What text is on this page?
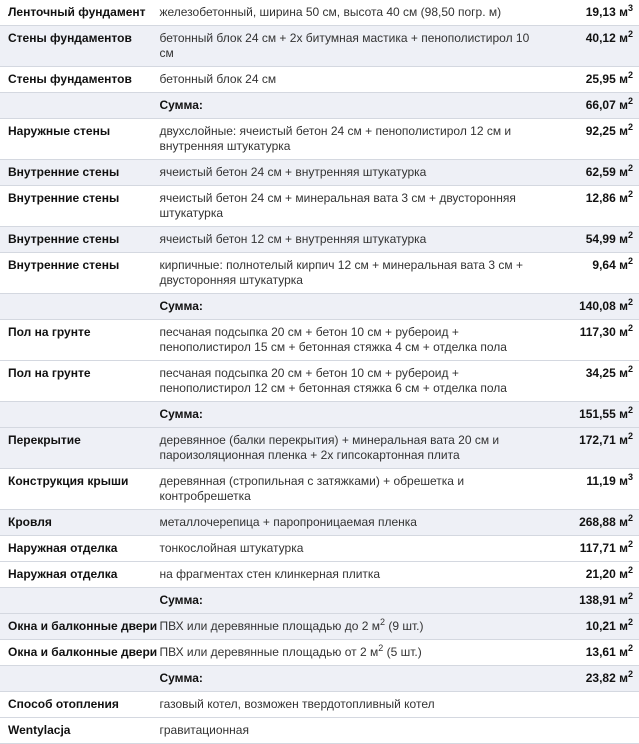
Ленточный фундамент	железобетонный, ширина 50 см, высота 40 см (98,50 погр. м)	19,13 $м^3$
Стены фундаментов	бетонный блок 24 см + 2х битумная мастика + пенополистирол 10 см	40,12 $м^2$
Стены фундаментов	бетонный блок 24 см	25,95 $м^2$
	Сумма:	66,07 $м^2$
Наружные стены	двухслойные: ячеистый бетон 24 см + пенополистирол 12 см и внутренняя штукатурка	92,25 $м^2$
Внутренние стены	ячеистый бетон 24 см + внутренняя штукатурка	62,59 $м^2$
Внутренние стены	ячеистый бетон 24 см + минеральная вата 3 см + двусторонняя штукатурка	12,86 $м^2$
Внутренние стены	ячеистый бетон 12 см + внутренняя штукатурка	54,99 $м^2$
Внутренние стены	кирпичные: полнотелый кирпич 12 см + минеральная вата 3 см + двусторонняя штукатурка	9,64 $м^2$
	Сумма:	140,08 $м^2$
Пол на грунте	песчаная подсыпка 20 см + бетон 10 см + рубероид + пенополистирол 15 см + бетонная стяжка 4 см + отделка пола	117,30 $м^2$
Пол на грунте	песчаная подсыпка 20 см + бетон 10 см + рубероид + пенополистирол 12 см + бетонная стяжка 6 см + отделка пола	34,25 $м^2$
	Сумма:	151,55 $м^2$
Перекрытие	деревянное (балки перекрытия) + минеральная вата 20 см и пароизоляционная пленка + 2х гипсокартонная плита	172,71 $м^2$
Конструкция крыши	деревянная (стропильная с затяжками) + обрешетка и контробрешетка	11,19 $м^3$
Кровля	металлочерепица + паропроницаемая пленка	268,88 $м^2$
Наружная отделка	тонкослойная штукатурка	117,71 $м^2$
Наружная отделка	на фрагментах стен клинкерная плитка	21,20 $м^2$
	Сумма:	138,91 $м^2$
Окна и балконные двери	ПВХ или деревянные площадью до 2 $м^2$ (9 шт.)	10,21 $м^2$
Окна и балконные двери	ПВХ или деревянные площадью от 2 $м^2$ (5 шт.)	13,61 $м^2$
	Сумма:	23,82 $м^2$
Способ отопления	газовый котел, возможен твердотопливный котел	
Wentylacja	гравитационная	
